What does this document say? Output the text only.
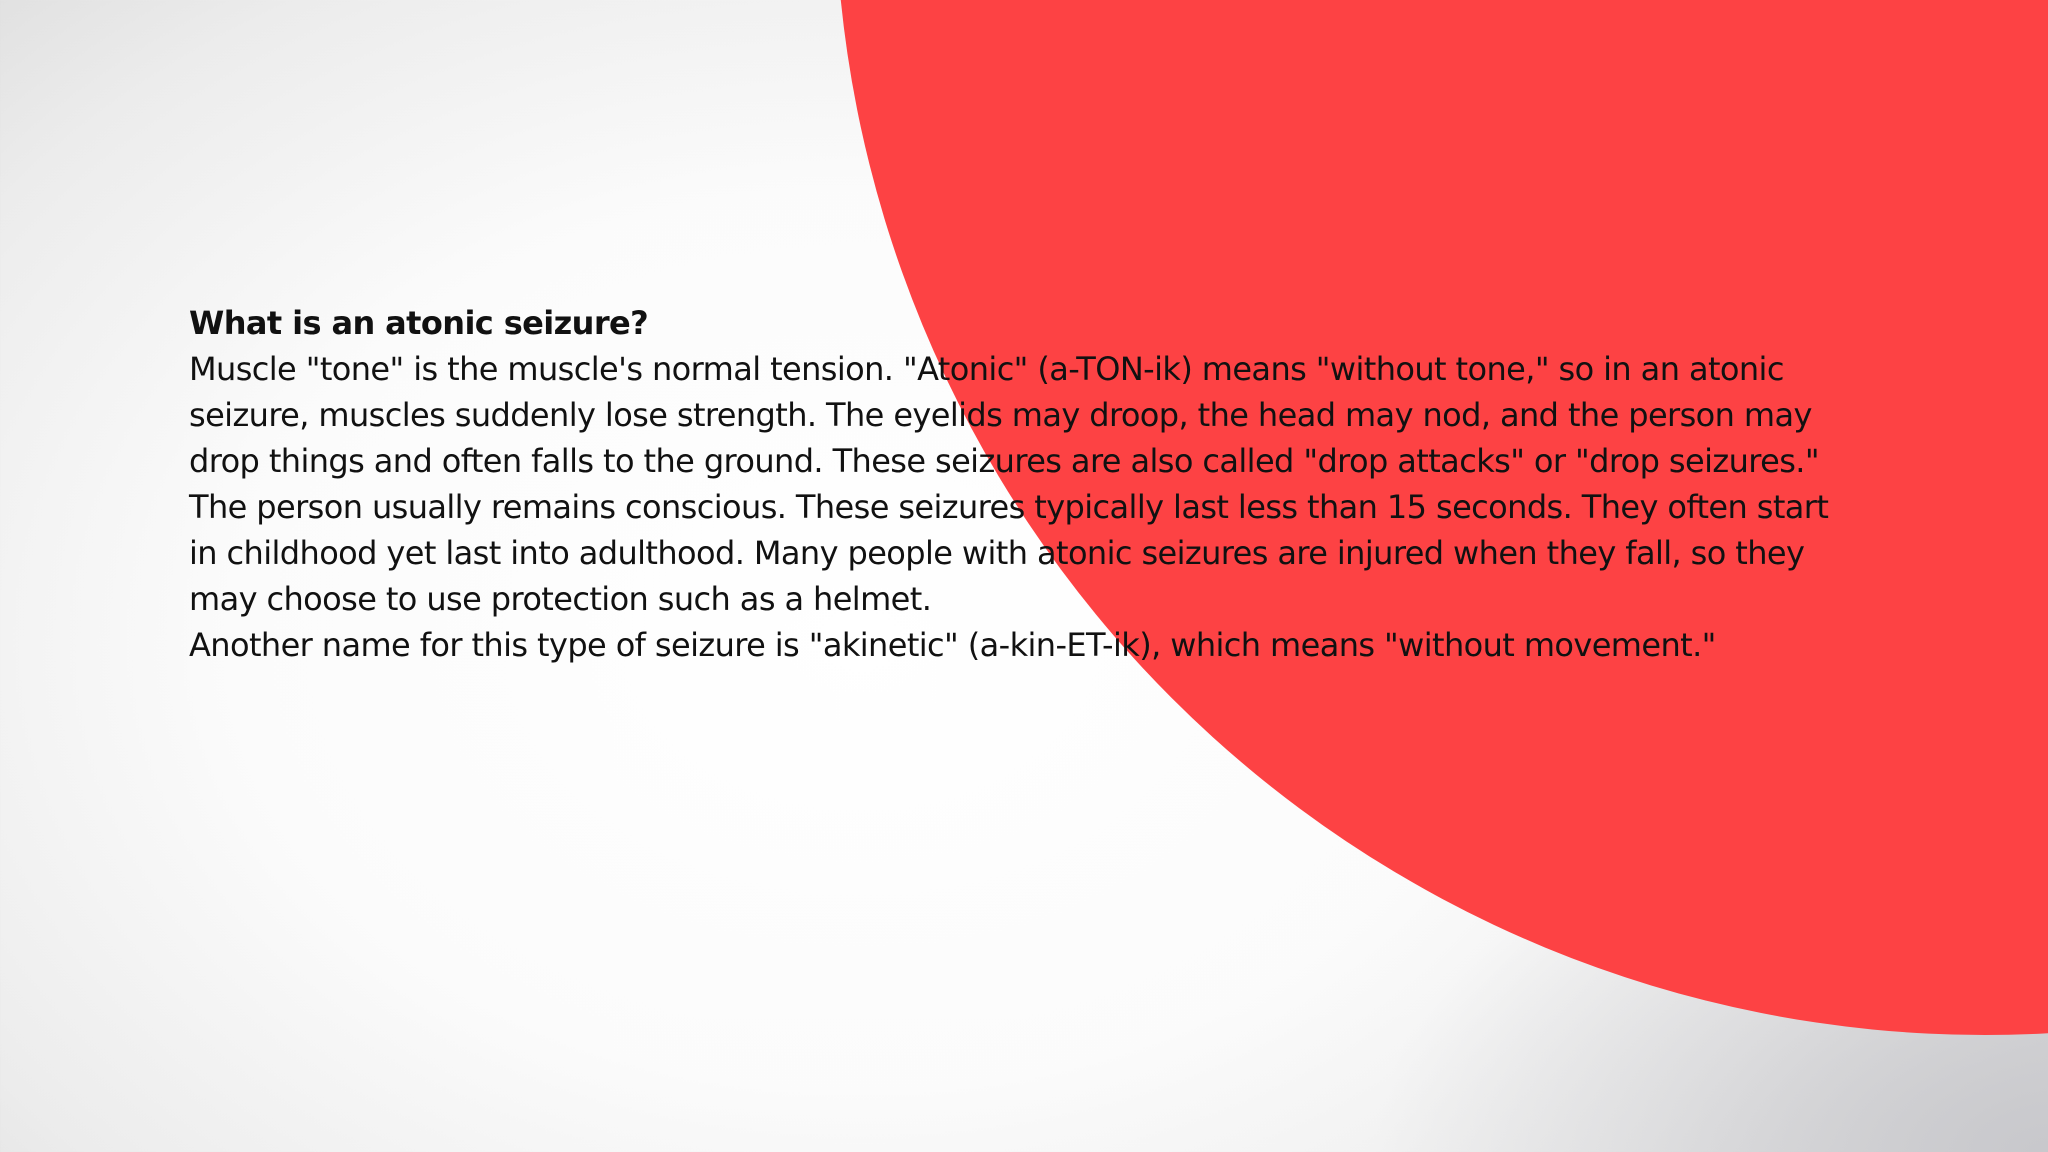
What is an atonic seizure?
Muscle "tone" is the muscle's normal tension. "Atonic" (a-TON-ik) means "without tone," so in an atonic seizure, muscles suddenly lose strength. The eyelids may droop, the head may nod, and the person may drop things and often falls to the ground. These seizures are also called "drop attacks" or "drop seizures." The person usually remains conscious. These seizures typically last less than 15 seconds. They often start in childhood yet last into adulthood. Many people with atonic seizures are injured when they fall, so they may choose to use protection such as a helmet.
Another name for this type of seizure is "akinetic" (a-kin-ET-ik), which means "without movement."
